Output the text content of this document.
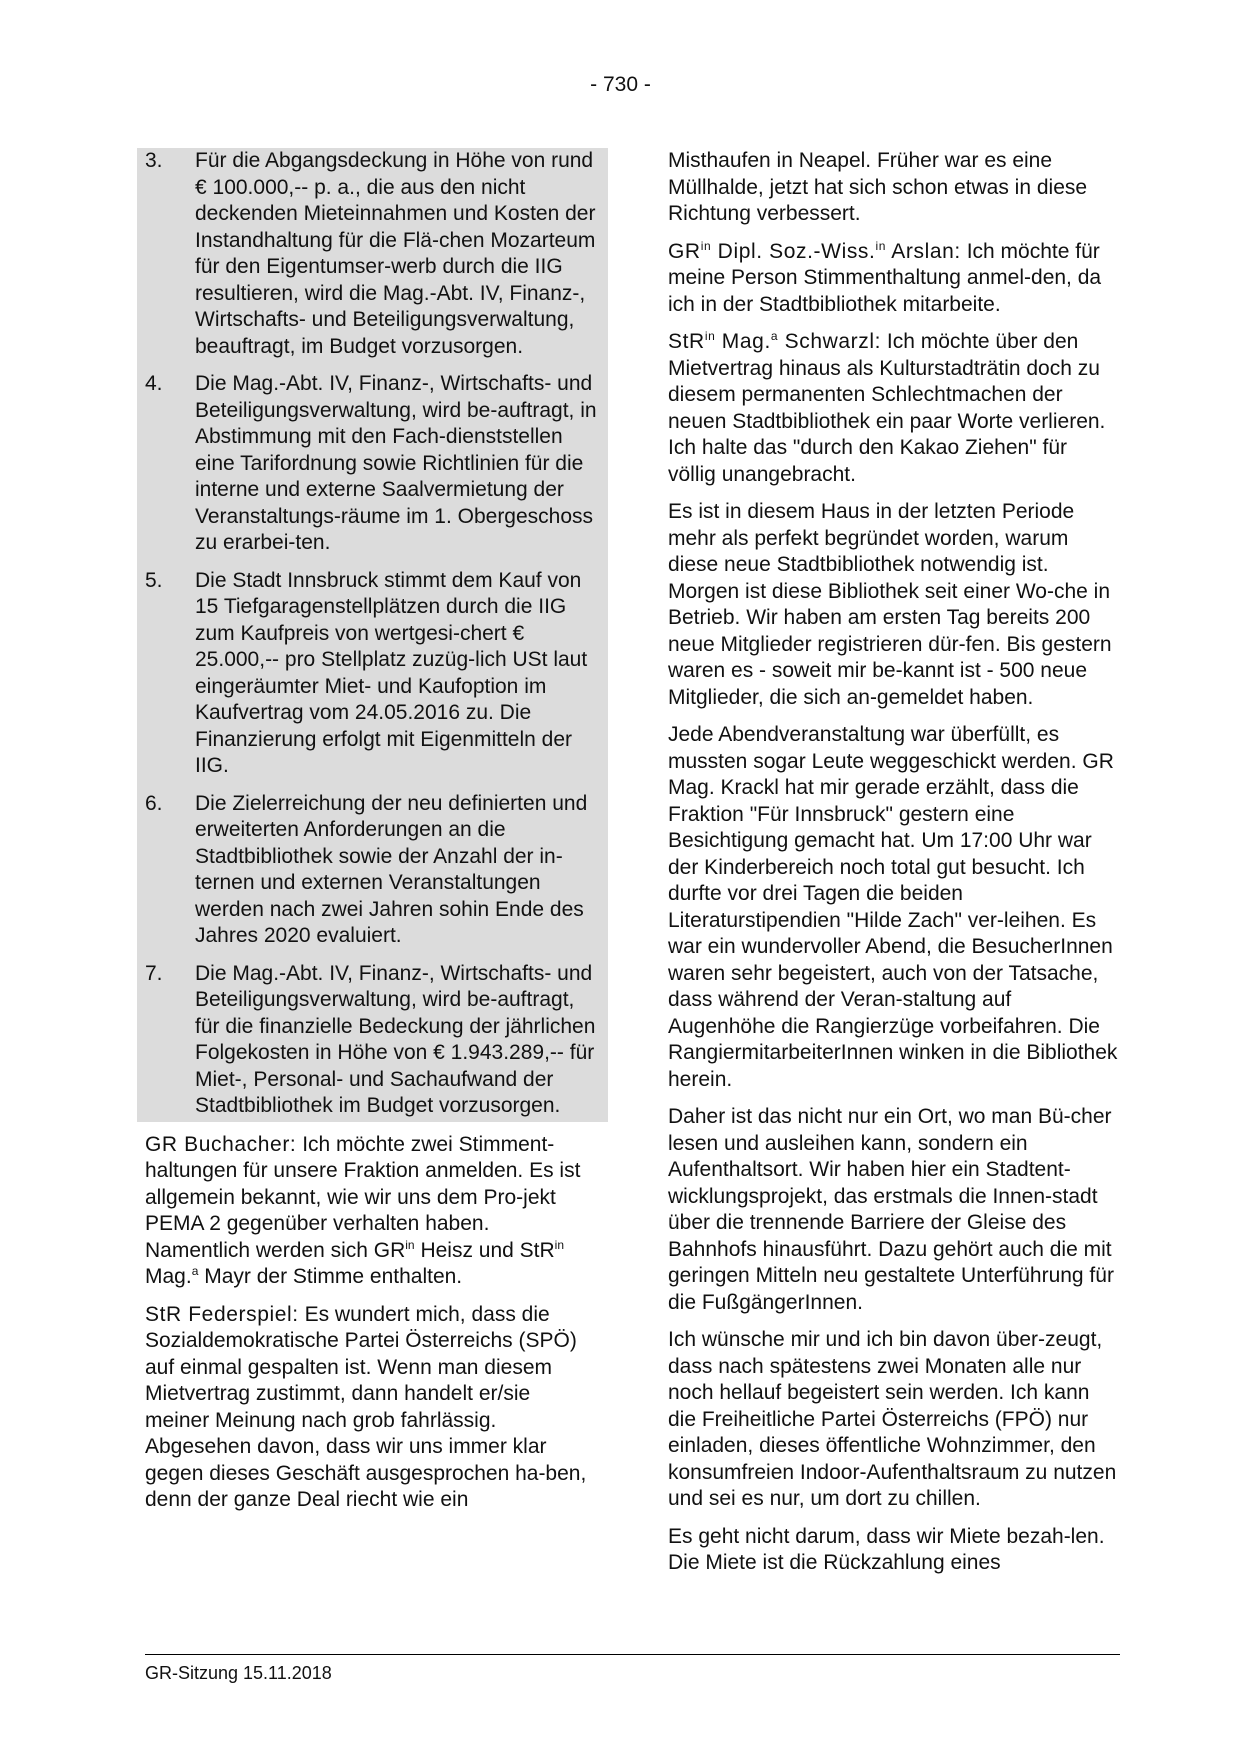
- 730 -
3.	Für die Abgangsdeckung in Höhe von rund € 100.000,-- p. a., die aus den nicht deckenden Mieteinnahmen und Kosten der Instandhaltung für die Flä-chen Mozarteum für den Eigentumser-werb durch die IIG resultieren, wird die Mag.-Abt. IV, Finanz-, Wirtschafts- und Beteiligungsverwaltung, beauftragt, im Budget vorzusorgen.
4.	Die Mag.-Abt. IV, Finanz-, Wirtschafts- und Beteiligungsverwaltung, wird be-auftragt, in Abstimmung mit den Fach-dienststellen eine Tarifordnung sowie Richtlinien für die interne und externe Saalvermietung der Veranstaltungs-räume im 1. Obergeschoss zu erarbei-ten.
5.	Die Stadt Innsbruck stimmt dem Kauf von 15 Tiefgaragenstellplätzen durch die IIG zum Kaufpreis von wertgesi-chert € 25.000,-- pro Stellplatz zuzüg-lich USt laut eingeräumter Miet- und Kaufoption im Kaufvertrag vom 24.05.2016 zu. Die Finanzierung erfolgt mit Eigenmitteln der IIG.
6.	Die Zielerreichung der neu definierten und erweiterten Anforderungen an die Stadtbibliothek sowie der Anzahl der in-ternen und externen Veranstaltungen werden nach zwei Jahren sohin Ende des Jahres 2020 evaluiert.
7.	Die Mag.-Abt. IV, Finanz-, Wirtschafts- und Beteiligungsverwaltung, wird be-auftragt, für die finanzielle Bedeckung der jährlichen Folgekosten in Höhe von € 1.943.289,-- für Miet-, Personal- und Sachaufwand der Stadtbibliothek im Budget vorzusorgen.

GR Buchacher: Ich möchte zwei Stimment-haltungen für unsere Fraktion anmelden. Es ist allgemein bekannt, wie wir uns dem Pro-jekt PEMA 2 gegenüber verhalten haben. Namentlich werden sich $GR^{in}$ Heisz und StR$^{in}$ Mag.$^a$ Mayr der Stimme enthalten.

StR Federspiel: Es wundert mich, dass die Sozialdemokratische Partei Österreichs (SPÖ) auf einmal gespalten ist. Wenn man diesem Mietvertrag zustimmt, dann handelt er/sie meiner Meinung nach grob fahrlässig. Abgesehen davon, dass wir uns immer klar gegen dieses Geschäft ausgesprochen ha-ben, denn der ganze Deal riecht wie ein

Misthaufen in Neapel. Früher war es eine Müllhalde, jetzt hat sich schon etwas in diese Richtung verbessert.

$GR^{in}$ Dipl. Soz.-Wiss.$^{in}$ Arslan: Ich möchte für meine Person Stimmenthaltung anmel-den, da ich in der Stadtbibliothek mitarbeite.

StR$^{in}$ Mag.$^a$ Schwarzl: Ich möchte über den Mietvertrag hinaus als Kulturstadträtin doch zu diesem permanenten Schlechtmachen der neuen Stadtbibliothek ein paar Worte verlieren. Ich halte das "durch den Kakao Ziehen" für völlig unangebracht.

Es ist in diesem Haus in der letzten Periode mehr als perfekt begründet worden, warum diese neue Stadtbibliothek notwendig ist. Morgen ist diese Bibliothek seit einer Wo-che in Betrieb. Wir haben am ersten Tag bereits 200 neue Mitglieder registrieren dür-fen. Bis gestern waren es - soweit mir be-kannt ist - 500 neue Mitglieder, die sich an-gemeldet haben.

Jede Abendveranstaltung war überfüllt, es mussten sogar Leute weggeschickt werden. GR Mag. Krackl hat mir gerade erzählt, dass die Fraktion "Für Innsbruck" gestern eine Besichtigung gemacht hat. Um 17:00 Uhr war der Kinderbereich noch total gut besucht. Ich durfte vor drei Tagen die beiden Literaturstipendien "Hilde Zach" ver-leihen. Es war ein wundervoller Abend, die BesucherInnen waren sehr begeistert, auch von der Tatsache, dass während der Veran-staltung auf Augenhöhe die Rangierzüge vorbeifahren. Die RangiermitarbeiterInnen winken in die Bibliothek herein.

Daher ist das nicht nur ein Ort, wo man Bü-cher lesen und ausleihen kann, sondern ein Aufenthaltsort. Wir haben hier ein Stadtent-wicklungsprojekt, das erstmals die Innen-stadt über die trennende Barriere der Gleise des Bahnhofs hinausführt. Dazu gehört auch die mit geringen Mitteln neu gestaltete Unterführung für die FußgängerInnen.

Ich wünsche mir und ich bin davon über-zeugt, dass nach spätestens zwei Monaten alle nur noch hellauf begeistert sein werden. Ich kann die Freiheitliche Partei Österreichs (FPÖ) nur einladen, dieses öffentliche Wohnzimmer, den konsumfreien Indoor-Aufenthaltsraum zu nutzen und sei es nur, um dort zu chillen.

Es geht nicht darum, dass wir Miete bezah-len. Die Miete ist die Rückzahlung eines

GR-Sitzung 15.11.2018
